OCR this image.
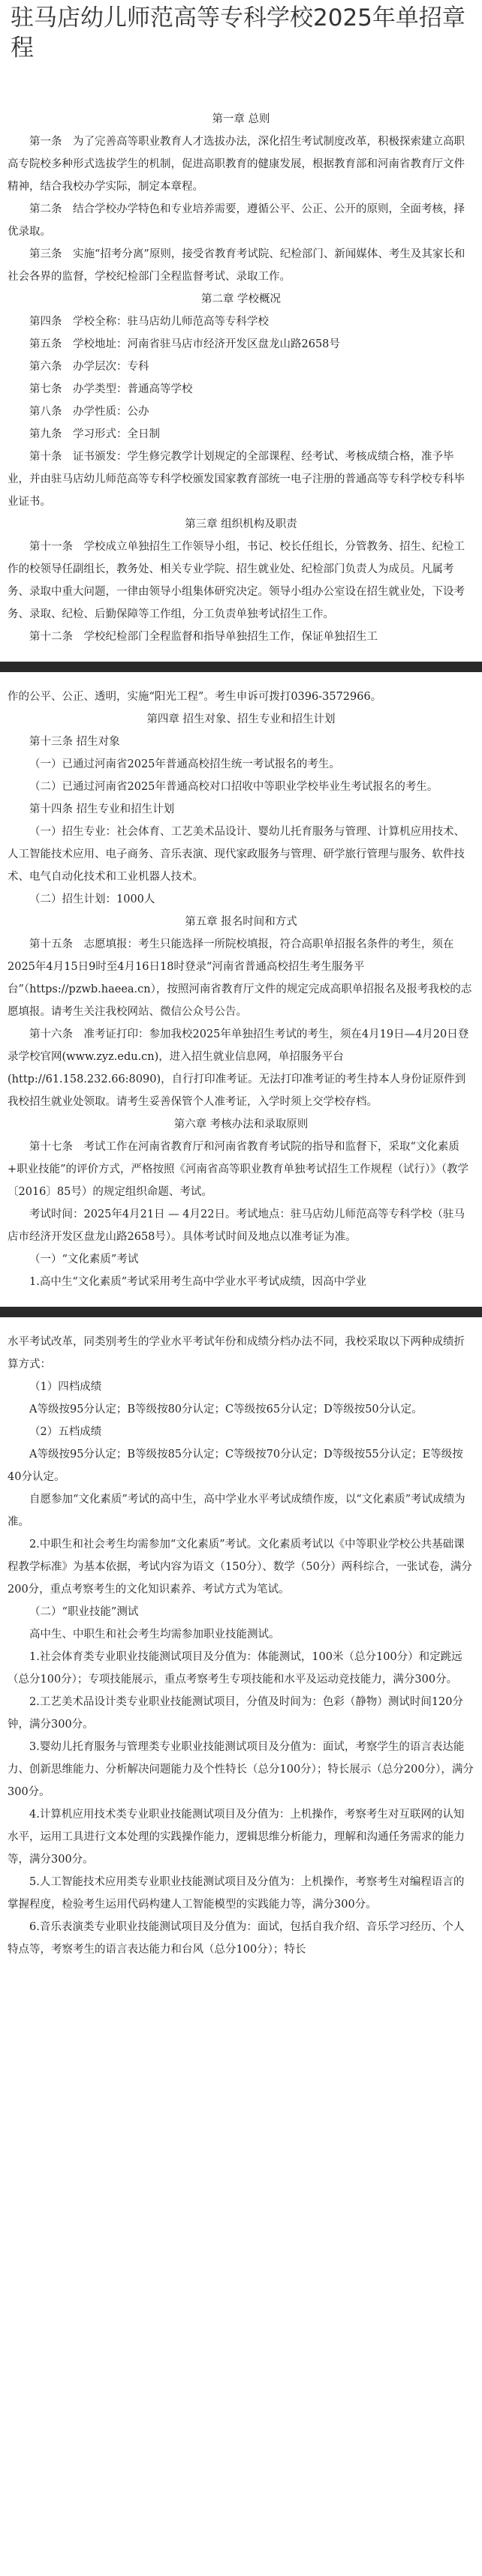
驻马店幼儿师范高等专科学校2025年单招章程

第一章 总则

第一条　为了完善高等职业教育人才选拔办法，深化招生考试制度改革，积极探索建立高职高专院校多种形式选拔学生的机制，促进高职教育的健康发展，根据教育部和河南省教育厅文件精神，结合我校办学实际，制定本章程。

第二条　结合学校办学特色和专业培养需要，遵循公平、公正、公开的原则，全面考核，择优录取。

第三条　实施“招考分离”原则，接受省教育考试院、纪检部门、新闻媒体、考生及其家长和社会各界的监督，学校纪检部门全程监督考试、录取工作。

第二章 学校概况

第四条　学校全称：驻马店幼儿师范高等专科学校

第五条　学校地址：河南省驻马店市经济开发区盘龙山路2658号

第六条　办学层次：专科

第七条　办学类型：普通高等学校

第八条　办学性质：公办

第九条　学习形式：全日制

第十条　证书颁发：学生修完教学计划规定的全部课程、经考试、考核成绩合格，准予毕业，并由驻马店幼儿师范高等专科学校颁发国家教育部统一电子注册的普通高等专科学校专科毕业证书。

第三章 组织机构及职责

第十一条　学校成立单独招生工作领导小组，书记、校长任组长，分管教务、招生、纪检工作的校领导任副组长，教务处、相关专业学院、招生就业处、纪检部门负责人为成员。凡属考务、录取中重大问题，一律由领导小组集体研究决定。领导小组办公室设在招生就业处，下设考务、录取、纪检、后勤保障等工作组，分工负责单独考试招生工作。

第十二条　学校纪检部门全程监督和指导单独招生工作，保证单独招生工

作的公平、公正、透明，实施“阳光工程”。考生申诉可拨打0396-3572966。

第四章 招生对象、招生专业和招生计划

第十三条 招生对象

（一）已通过河南省2025年普通高校招生统一考试报名的考生。

（二）已通过河南省2025年普通高校对口招收中等职业学校毕业生考试报名的考生。

第十四条 招生专业和招生计划

（一）招生专业：社会体育、工艺美术品设计、婴幼儿托育服务与管理、计算机应用技术、人工智能技术应用、电子商务、音乐表演、现代家政服务与管理、研学旅行管理与服务、软件技术、电气自动化技术和工业机器人技术。

（二）招生计划：1000人

第五章 报名时间和方式

第十五条　志愿填报：考生只能选择一所院校填报，符合高职单招报名条件的考生，须在2025年4月15日9时至4月16日18时登录“河南省普通高校招生考生服务平台”（https://pzwb.haeea.cn），按照河南省教育厅文件的规定完成高职单招报名及报考我校的志愿填报。请考生关注我校网站、微信公众号公告。

第十六条　准考证打印：参加我校2025年单独招生考试的考生，须在4月19日—4月20日登录学校官网(www.zyz.edu.cn)，进入招生就业信息网，单招服务平台(http://61.158.232.66:8090)，自行打印准考证。无法打印准考证的考生持本人身份证原件到我校招生就业处领取。请考生妥善保管个人准考证，入学时须上交学校存档。

第六章 考核办法和录取原则

第十七条　考试工作在河南省教育厅和河南省教育考试院的指导和监督下，采取“文化素质+职业技能”的评价方式，严格按照《河南省高等职业教育单独考试招生工作规程（试行）》（教学〔2016〕85号）的规定组织命题、考试。

考试时间：2025年4月21日 — 4月22日。考试地点：驻马店幼儿师范高等专科学校（驻马店市经济开发区盘龙山路2658号）。具体考试时间及地点以准考证为准。

（一）“文化素质”考试

1.高中生“文化素质”考试采用考生高中学业水平考试成绩，因高中学业

水平考试改革，同类别考生的学业水平考试年份和成绩分档办法不同，我校采取以下两种成绩折算方式：

（1）四档成绩

A等级按95分认定；B等级按80分认定；C等级按65分认定；D等级按50分认定。

（2）五档成绩

A等级按95分认定；B等级按85分认定；C等级按70分认定；D等级按55分认定；E等级按40分认定。

自愿参加“文化素质”考试的高中生，高中学业水平考试成绩作废，以“文化素质”考试成绩为准。

2.中职生和社会考生均需参加“文化素质”考试。文化素质考试以《中等职业学校公共基础课程教学标准》为基本依据，考试内容为语文（150分）、数学（50分）两科综合，一张试卷，满分200分，重点考察考生的文化知识素养、考试方式为笔试。

（二）“职业技能”测试

高中生、中职生和社会考生均需参加职业技能测试。

1.社会体育类专业职业技能测试项目及分值为：体能测试，100米（总分100分）和定跳远（总分100分）；专项技能展示，重点考察考生专项技能和水平及运动竞技能力，满分300分。

2.工艺美术品设计类专业职业技能测试项目，分值及时间为：色彩（静物）测试时间120分钟，满分300分。

3.婴幼儿托育服务与管理类专业职业技能测试项目及分值为：面试，考察学生的语言表达能力、创新思维能力、分析解决问题能力及个性特长（总分100分）；特长展示（总分200分），满分300分。

4.计算机应用技术类专业职业技能测试项目及分值为：上机操作，考察考生对互联网的认知水平，运用工具进行文本处理的实践操作能力，逻辑思维分析能力，理解和沟通任务需求的能力等，满分300分。

5.人工智能技术应用类专业职业技能测试项目及分值为：上机操作，考察考生对编程语言的掌握程度，检验考生运用代码构建人工智能模型的实践能力等，满分300分。

6.音乐表演类专业职业技能测试项目及分值为：面试，包括自我介绍、音乐学习经历、个人特点等，考察考生的语言表达能力和台风（总分100分）；特长
